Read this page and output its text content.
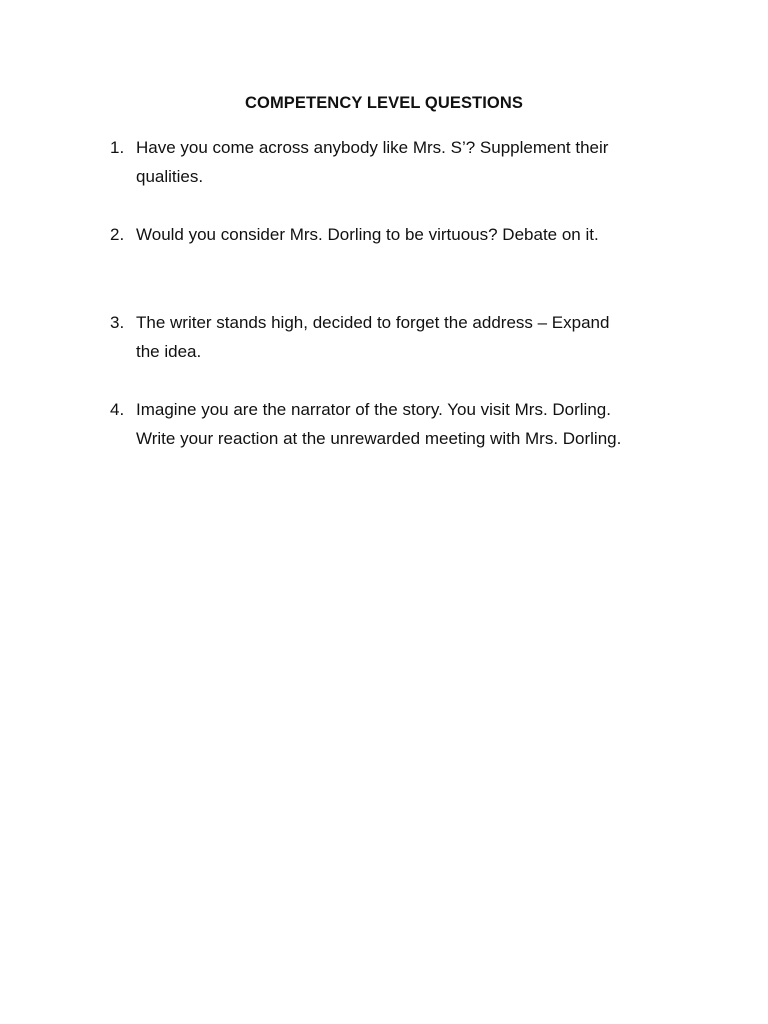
COMPETENCY LEVEL QUESTIONS
1. Have you come across anybody like Mrs. S’? Supplement their
qualities.
2. Would you consider Mrs. Dorling to be virtuous? Debate on it.
3. The writer stands high, decided to forget the address – Expand
the idea.
4. Imagine you are the narrator of the story. You visit Mrs. Dorling.
Write your reaction at the unrewarded meeting with Mrs. Dorling.
